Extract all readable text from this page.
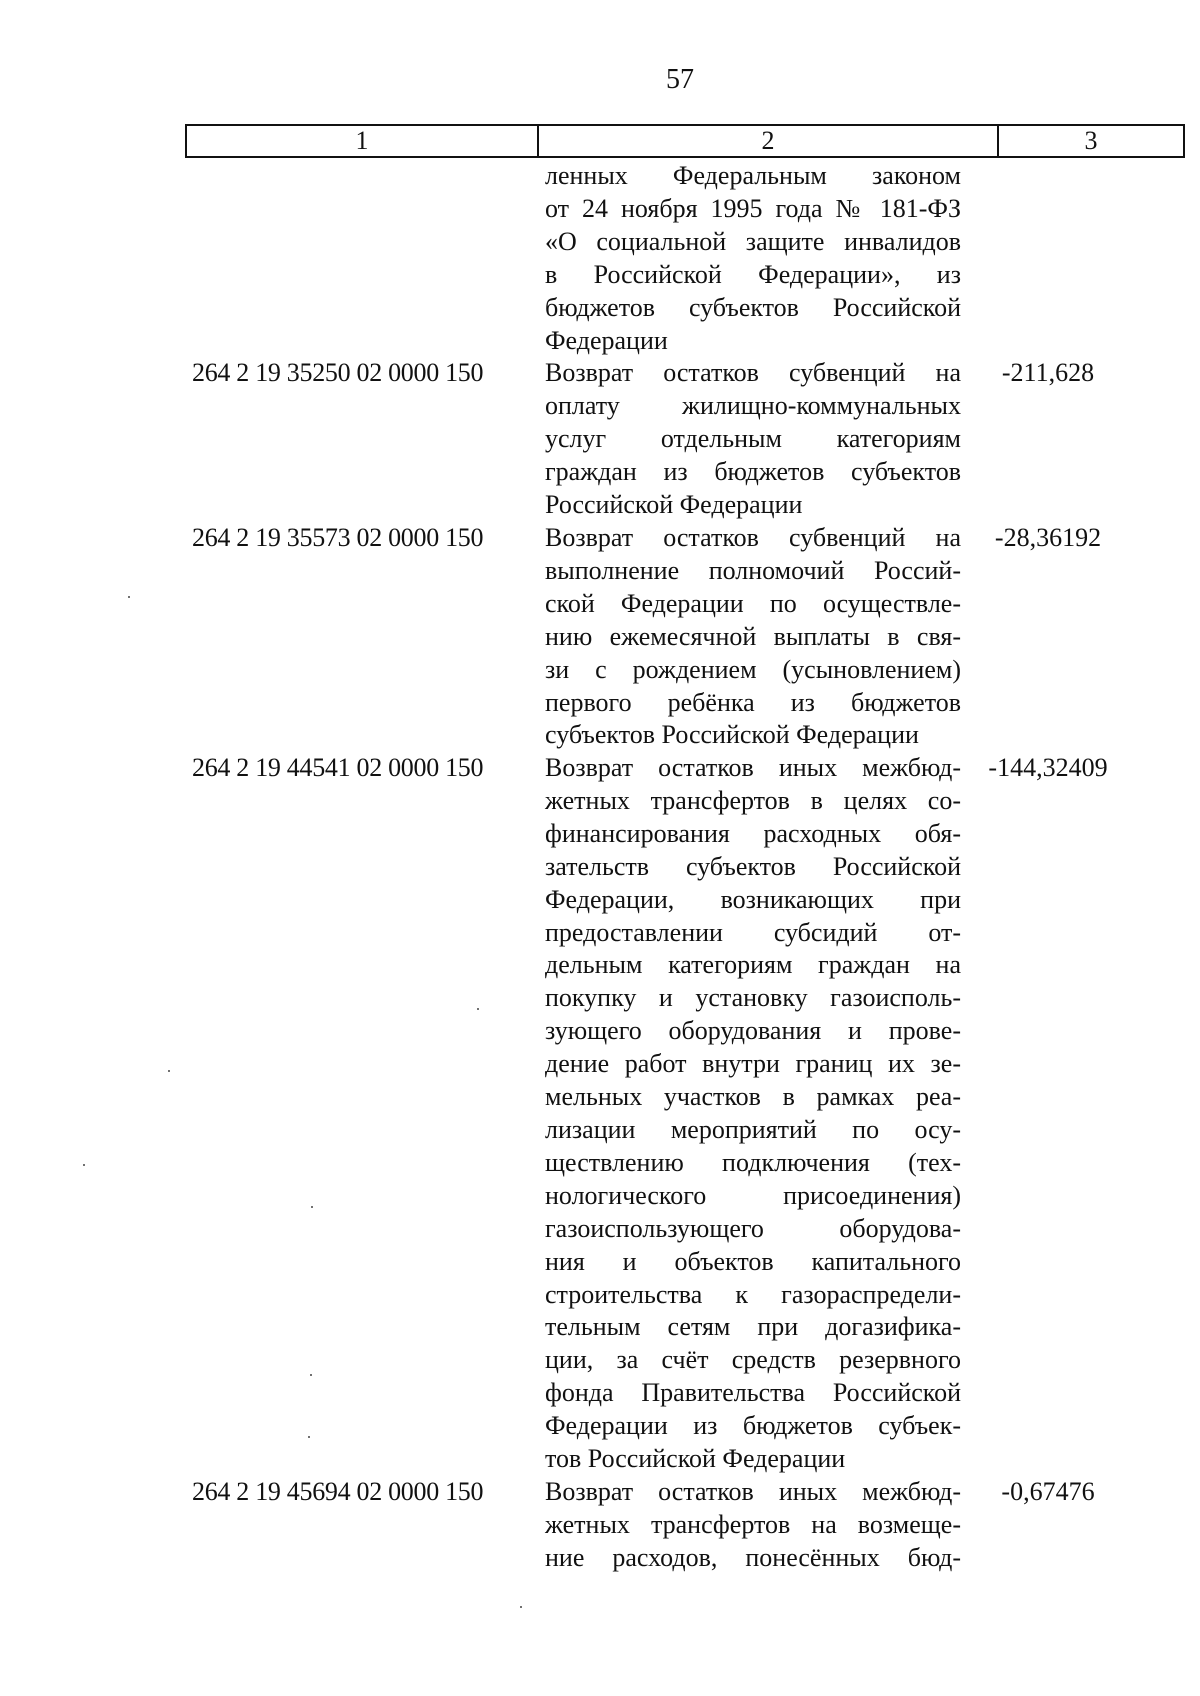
57
1	2	3
ленных Федеральным законом
от 24 ноября 1995 года № 181-ФЗ
«О социальной защите инвалидов
в Российской Федерации», из
бюджетов субъектов Российской
Федерации
264 2 19 35250 02 0000 150 Возврат остатков субвенций на
оплату жилищно-коммунальных
услуг отдельным категориям
граждан из бюджетов субъектов
Российской Федерации
-211,628
264 2 19 35573 02 0000 150 Возврат остатков субвенций на
выполнение полномочий Россий-
ской Федерации по осуществле-
нию ежемесячной выплаты в свя-
зи с рождением (усыновлением)
первого ребёнка из бюджетов
субъектов Российской Федерации
-28,36192
264 2 19 44541 02 0000 150 Возврат остатков иных межбюд-
жетных трансфертов в целях со-
финансирования расходных обя-
зательств субъектов Российской
Федерации, возникающих при
предоставлении субсидий от-
дельным категориям граждан на
покупку и установку газоисполь-
зующего оборудования и прове-
дение работ внутри границ их зе-
мельных участков в рамках реа-
лизации мероприятий по осу-
ществлению подключения (тех-
нологического присоединения)
газоиспользующего оборудова-
ния и объектов капитального
строительства к газораспредели-
тельным сетям при догазифика-
ции, за счёт средств резервного
фонда Правительства Российской
Федерации из бюджетов субъек-
тов Российской Федерации
-144,32409
264 2 19 45694 02 0000 150 Возврат остатков иных межбюд-
жетных трансфертов на возмеще-
ние расходов, понесённых бюд-
-0,67476
